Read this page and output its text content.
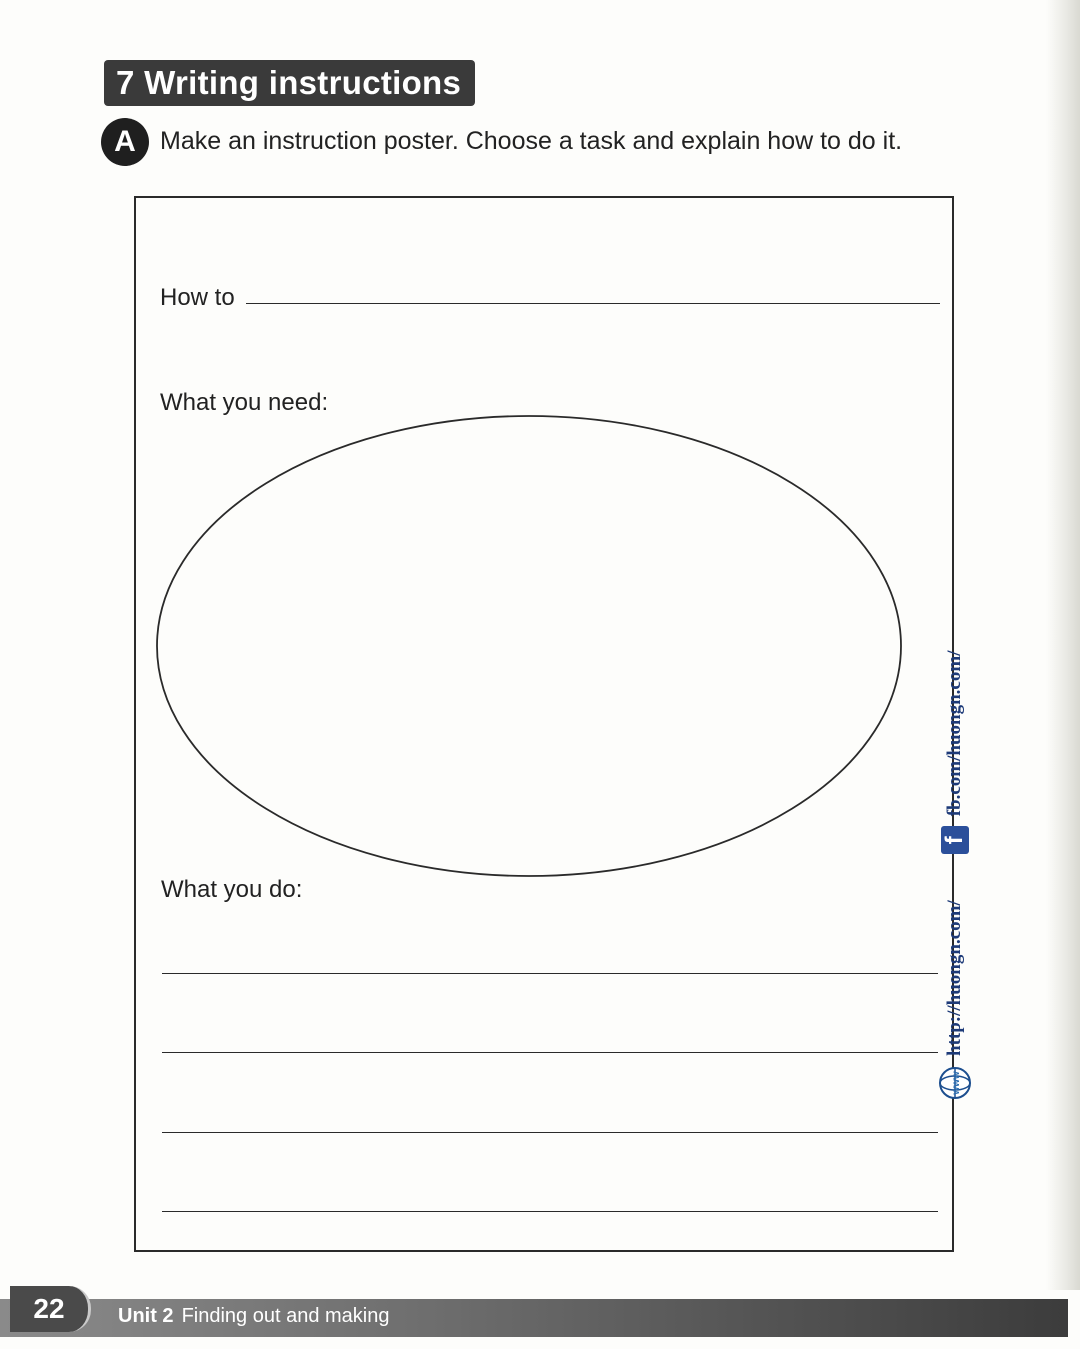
7 Writing instructions
A Make an instruction poster. Choose a task and explain how to do it.
How to
What you need:
What you do:
www
http://huongn.com/
f
fb.com/huongn.com/
22	Unit 2 Finding out and making
